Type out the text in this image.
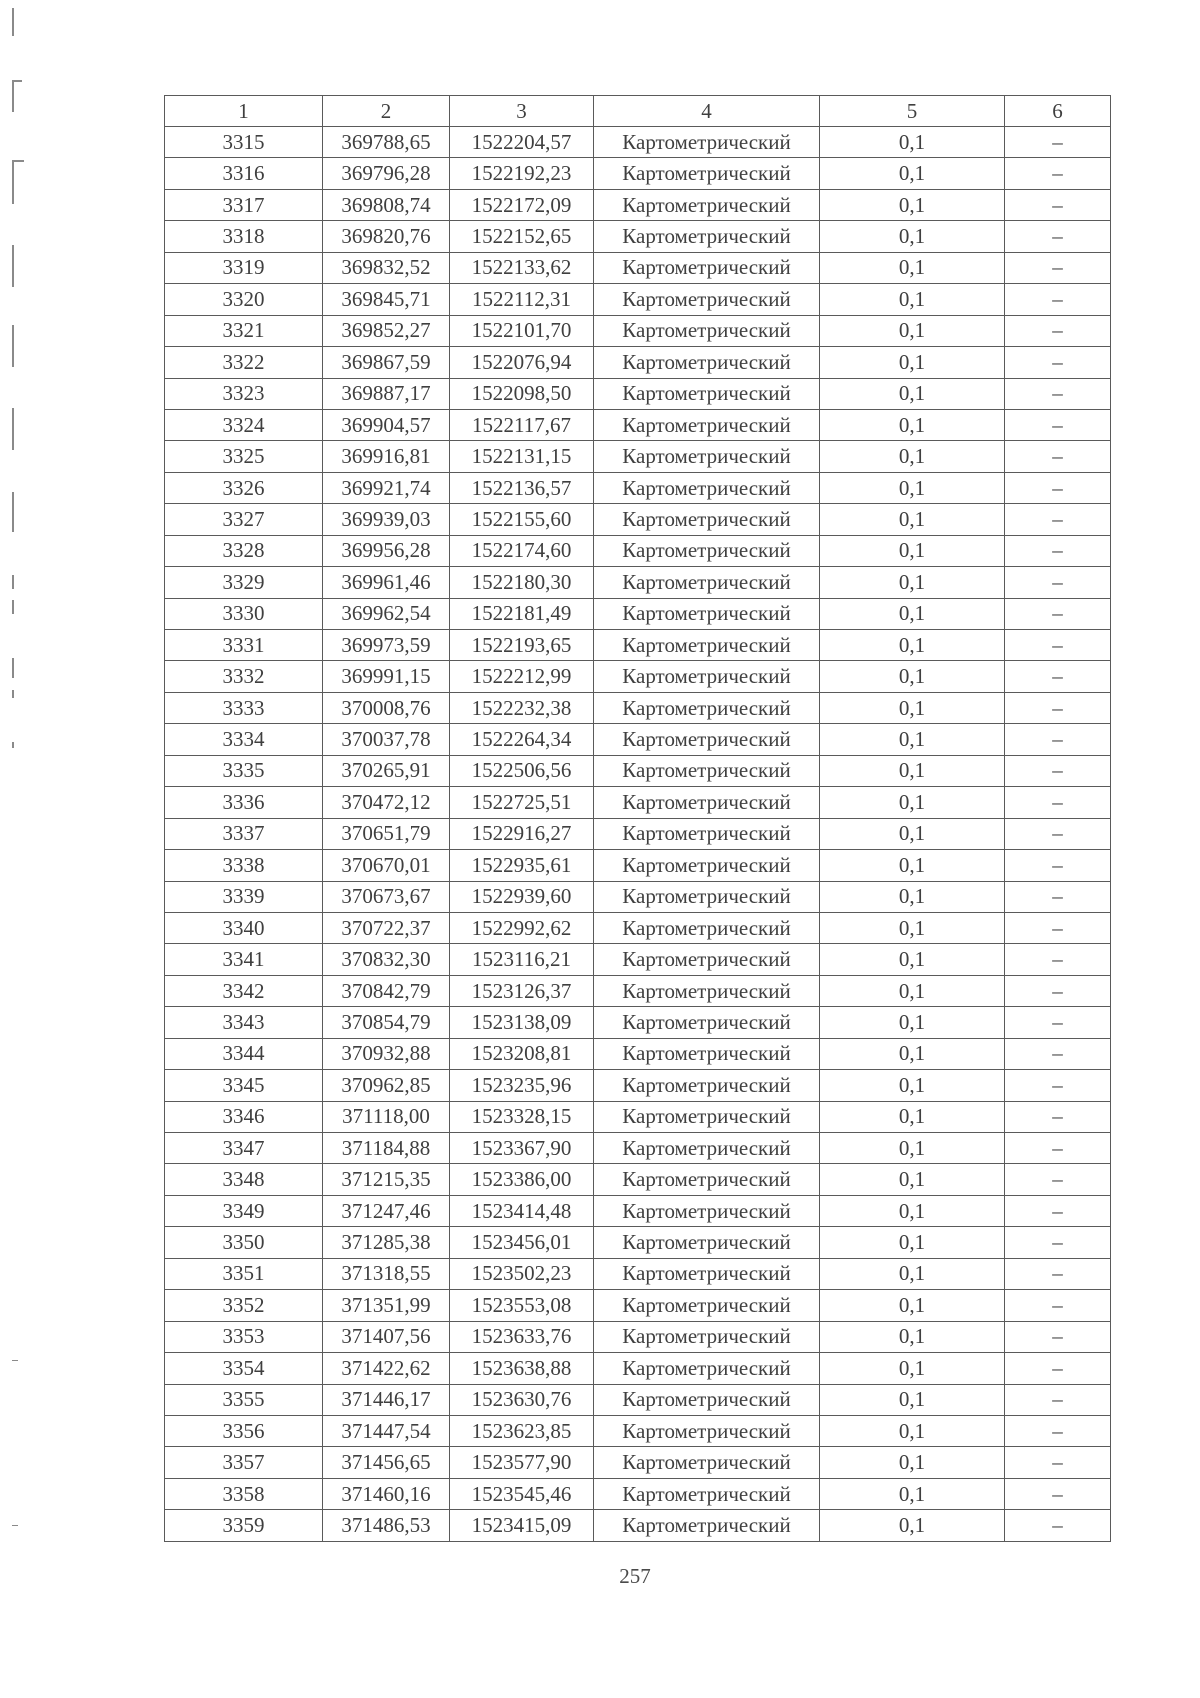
1	2	3	4	5	6
3315	369788,65	1522204,57	Картометрический	0,1	–
3316	369796,28	1522192,23	Картометрический	0,1	–
3317	369808,74	1522172,09	Картометрический	0,1	–
3318	369820,76	1522152,65	Картометрический	0,1	–
3319	369832,52	1522133,62	Картометрический	0,1	–
3320	369845,71	1522112,31	Картометрический	0,1	–
3321	369852,27	1522101,70	Картометрический	0,1	–
3322	369867,59	1522076,94	Картометрический	0,1	–
3323	369887,17	1522098,50	Картометрический	0,1	–
3324	369904,57	1522117,67	Картометрический	0,1	–
3325	369916,81	1522131,15	Картометрический	0,1	–
3326	369921,74	1522136,57	Картометрический	0,1	–
3327	369939,03	1522155,60	Картометрический	0,1	–
3328	369956,28	1522174,60	Картометрический	0,1	–
3329	369961,46	1522180,30	Картометрический	0,1	–
3330	369962,54	1522181,49	Картометрический	0,1	–
3331	369973,59	1522193,65	Картометрический	0,1	–
3332	369991,15	1522212,99	Картометрический	0,1	–
3333	370008,76	1522232,38	Картометрический	0,1	–
3334	370037,78	1522264,34	Картометрический	0,1	–
3335	370265,91	1522506,56	Картометрический	0,1	–
3336	370472,12	1522725,51	Картометрический	0,1	–
3337	370651,79	1522916,27	Картометрический	0,1	–
3338	370670,01	1522935,61	Картометрический	0,1	–
3339	370673,67	1522939,60	Картометрический	0,1	–
3340	370722,37	1522992,62	Картометрический	0,1	–
3341	370832,30	1523116,21	Картометрический	0,1	–
3342	370842,79	1523126,37	Картометрический	0,1	–
3343	370854,79	1523138,09	Картометрический	0,1	–
3344	370932,88	1523208,81	Картометрический	0,1	–
3345	370962,85	1523235,96	Картометрический	0,1	–
3346	371118,00	1523328,15	Картометрический	0,1	–
3347	371184,88	1523367,90	Картометрический	0,1	–
3348	371215,35	1523386,00	Картометрический	0,1	–
3349	371247,46	1523414,48	Картометрический	0,1	–
3350	371285,38	1523456,01	Картометрический	0,1	–
3351	371318,55	1523502,23	Картометрический	0,1	–
3352	371351,99	1523553,08	Картометрический	0,1	–
3353	371407,56	1523633,76	Картометрический	0,1	–
3354	371422,62	1523638,88	Картометрический	0,1	–
3355	371446,17	1523630,76	Картометрический	0,1	–
3356	371447,54	1523623,85	Картометрический	0,1	–
3357	371456,65	1523577,90	Картометрический	0,1	–
3358	371460,16	1523545,46	Картометрический	0,1	–
3359	371486,53	1523415,09	Картометрический	0,1	–
257
